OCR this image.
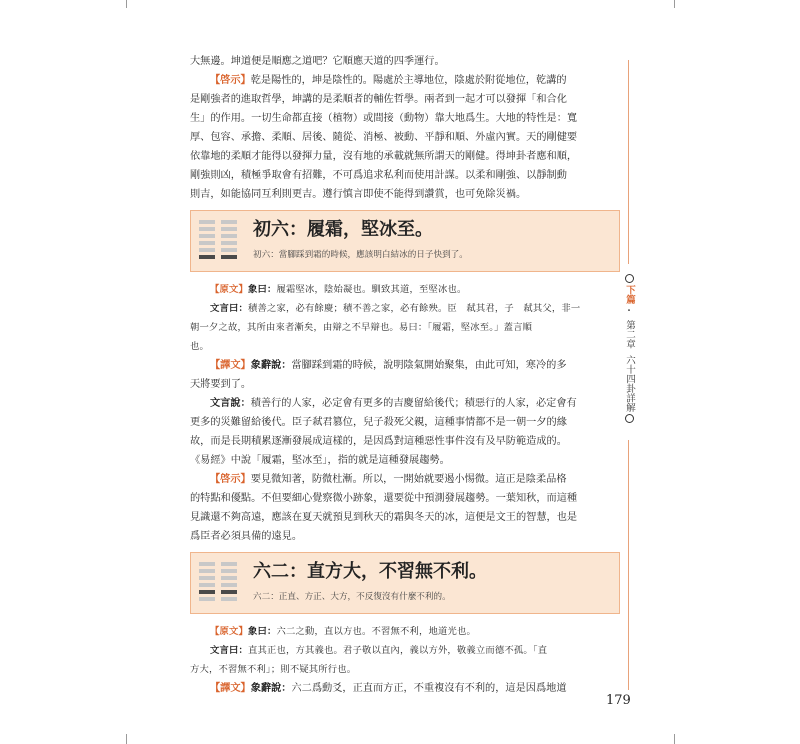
大無邊。坤道便是順應之道吧？它順應天道的四季運行。
【啓示】乾是陽性的，坤是陰性的。陽處於主導地位，陰處於附從地位，乾講的
是剛強者的進取哲學，坤講的是柔順者的輔佐哲學。兩者到一起才可以發揮「和合化
生」的作用。一切生命都直接（植物）或間接（動物）靠大地爲生。大地的特性是：寬
厚、包容、承擔、柔順、居後、隨從、消極、被動、平靜和順、外虛內實。天的剛健要
依靠地的柔順才能得以發揮力量，沒有地的承載就無所謂天的剛健。得坤卦者應和順，
剛強則凶，積極爭取會有招難，不可爲追求私利而使用計謀。以柔和剛強、以靜制動
則吉，如能協同互利則更吉。遵行慎言即使不能得到讚賞，也可免除災禍。
初六：履霜，堅冰至。
初六：當腳踩到霜的時候，應該明白結冰的日子快到了。
【原文】象曰：履霜堅冰，陰始凝也。馴致其道，至堅冰也。
文言曰：積善之家，必有餘慶；積不善之家，必有餘殃。臣　弒其君，子　弒其父，非一
朝一夕之故，其所由來者漸矣，由辯之不早辯也。易曰：「履霜，堅冰至。」蓋言順
也。
【譯文】象辭說：當腳踩到霜的時候，說明陰氣開始聚集，由此可知，寒冷的多
天將要到了。
文言說：積善行的人家，必定會有更多的吉慶留給後代；積惡行的人家，必定會有
更多的災難留給後代。臣子弒君篡位，兒子殺死父親，這種事情都不是一朝一夕的緣
故，而是長期積累逐漸發展成這樣的，是因爲對這種惡性事件沒有及早防範造成的。
《易經》中說「履霜，堅冰至」，指的就是這種發展趨勢。
【啓示】要見微知著，防微杜漸。所以，一開始就要遏小惕微。這正是陰柔品格
的特點和優點。不但要細心覺察微小跡象，還要從中預測發展趨勢。一葉知秋，而這種
見識還不夠高遠，應該在夏天就預見到秋天的霜與冬天的冰，這便是文王的智慧，也是
爲臣者必須具備的遠見。
六二：直方大，不習無不利。
六二：正直、方正、大方，不反復沒有什麼不利的。
【原文】象曰：六二之動，直以方也。不習無不利，地道光也。
文言曰：直其正也，方其義也。君子敬以直內，義以方外，敬義立而德不孤。「直
方大，不習無不利」；則不疑其所行也。
【譯文】象辭說：六二爲動爻，正直而方正，不重複沒有不利的，這是因爲地道
下篇
・
第二章
六十四卦詳解
179
